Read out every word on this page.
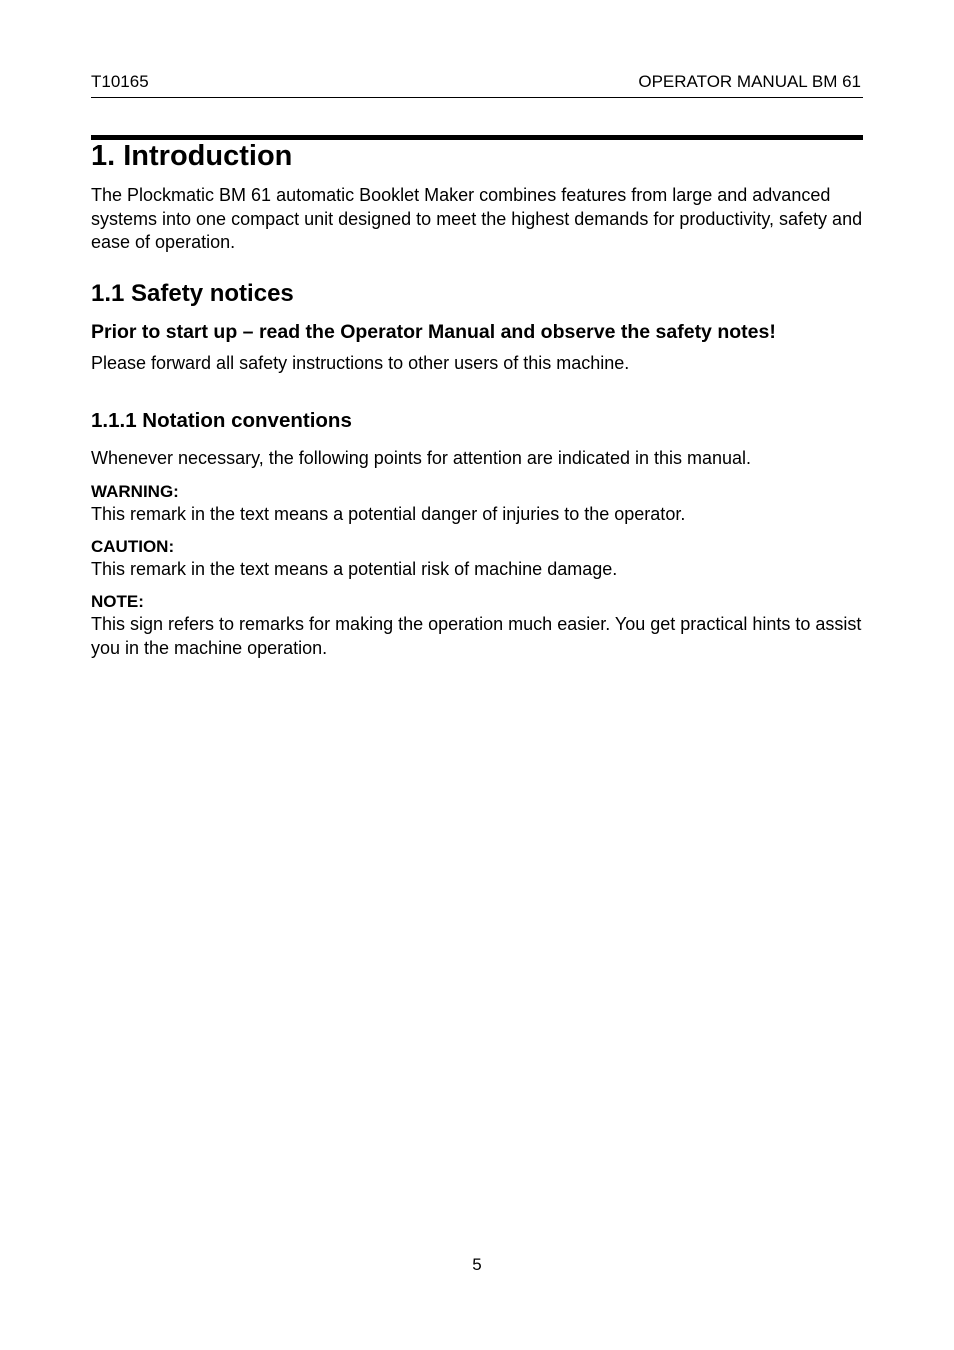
T10165	OPERATOR MANUAL BM 61
1. Introduction

The Plockmatic BM 61 automatic Booklet Maker combines features from large and advanced systems into one compact unit designed to meet the highest demands for productivity, safety and ease of operation.

1.1 Safety notices

Prior to start up – read the Operator Manual and observe the safety notes!

Please forward all safety instructions to other users of this machine.

1.1.1 Notation conventions

Whenever necessary, the following points for attention are indicated in this manual.

WARNING:

This remark in the text means a potential danger of injuries to the operator.

CAUTION:

This remark in the text means a potential risk of machine damage.

NOTE:

This sign refers to remarks for making the operation much easier. You get practical hints to assist you in the machine operation.

5
